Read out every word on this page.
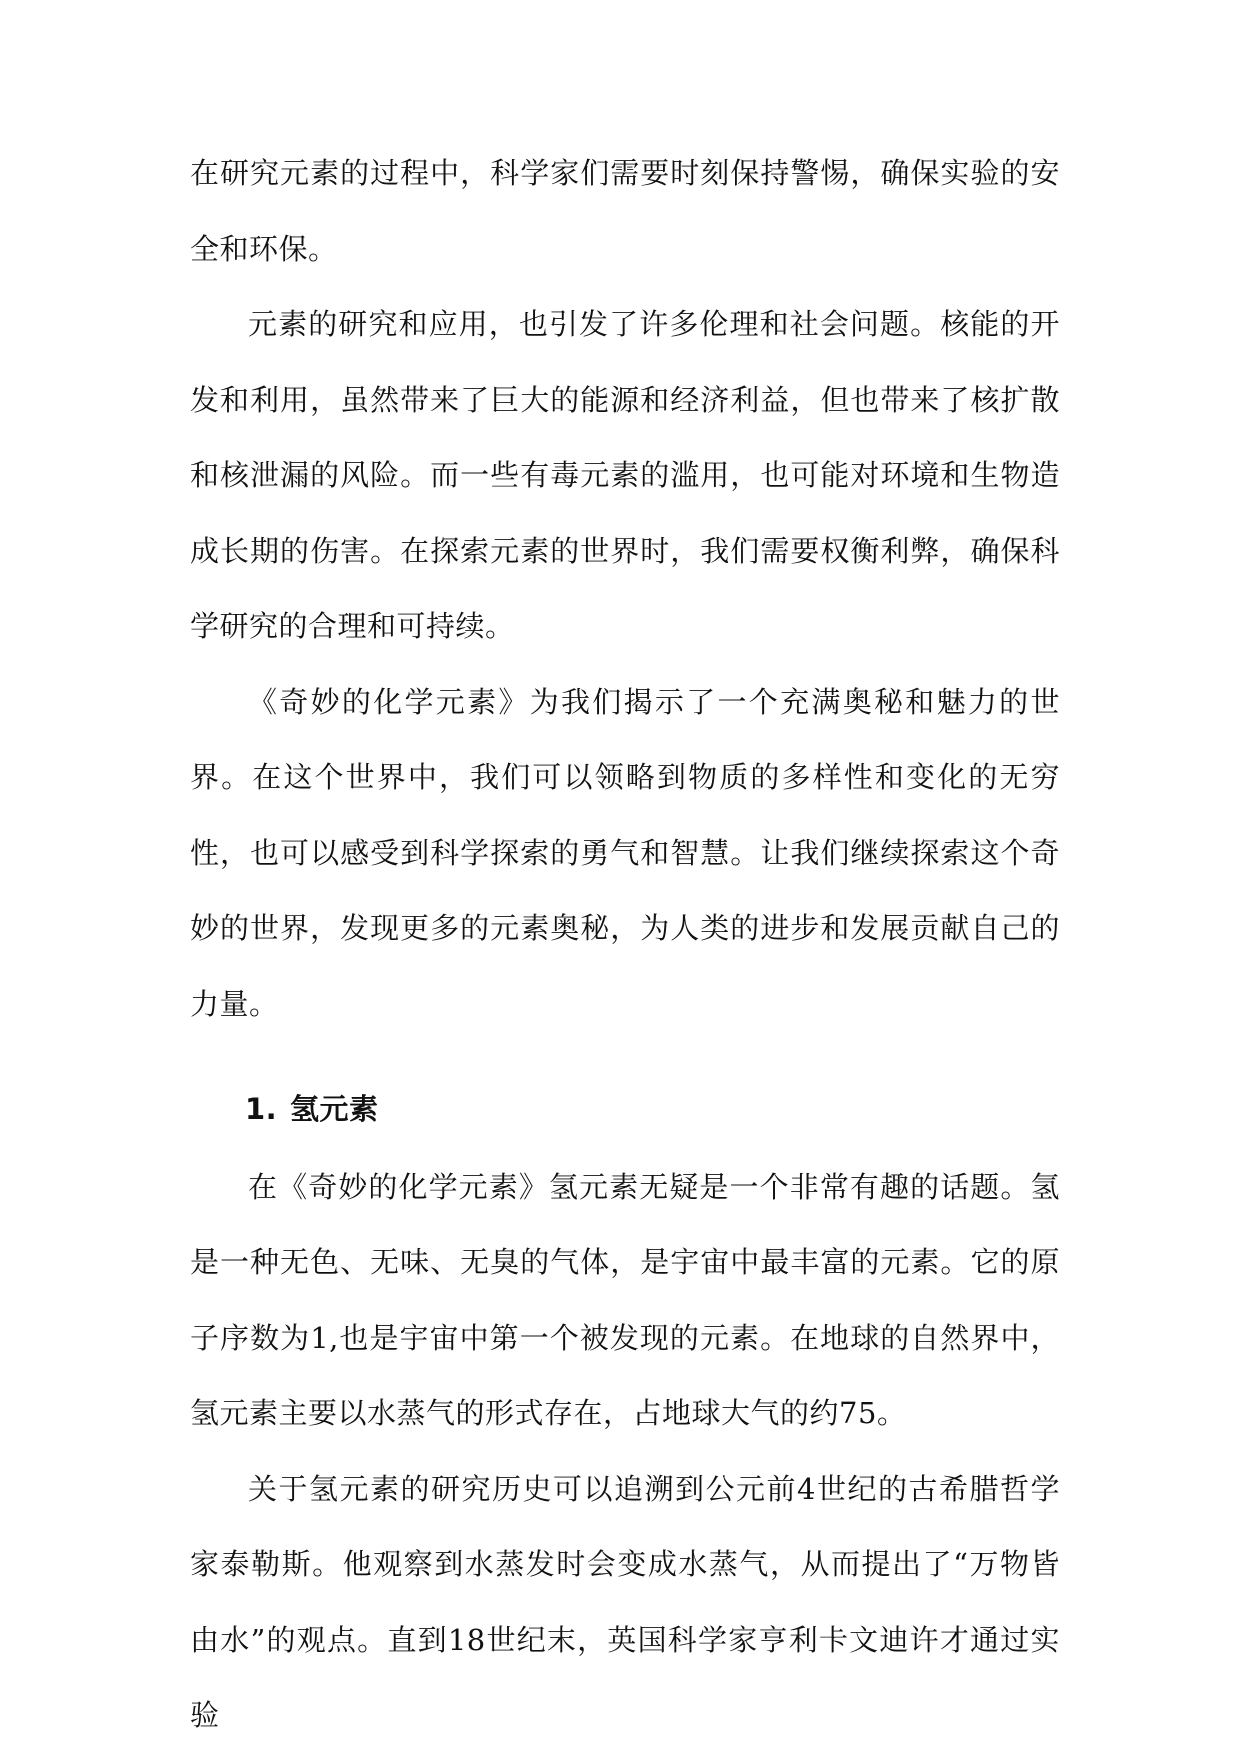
在研究元素的过程中，科学家们需要时刻保持警惕，确保实验的安全和环保。

元素的研究和应用，也引发了许多伦理和社会问题。核能的开发和利用，虽然带来了巨大的能源和经济利益，但也带来了核扩散和核泄漏的风险。而一些有毒元素的滥用，也可能对环境和生物造成长期的伤害。在探索元素的世界时，我们需要权衡利弊，确保科学研究的合理和可持续。

《奇妙的化学元素》为我们揭示了一个充满奥秘和魅力的世界。在这个世界中，我们可以领略到物质的多样性和变化的无穷性，也可以感受到科学探索的勇气和智慧。让我们继续探索这个奇妙的世界，发现更多的元素奥秘，为人类的进步和发展贡献自己的力量。

1. 氢元素

在《奇妙的化学元素》氢元素无疑是一个非常有趣的话题。氢是一种无色、无味、无臭的气体，是宇宙中最丰富的元素。它的原子序数为1,也是宇宙中第一个被发现的元素。在地球的自然界中，氢元素主要以水蒸气的形式存在，占地球大气的约75。

关于氢元素的研究历史可以追溯到公元前4世纪的古希腊哲学家泰勒斯。他观察到水蒸发时会变成水蒸气，从而提出了“万物皆由水”的观点。直到18世纪末，英国科学家亨利卡文迪许才通过实验
